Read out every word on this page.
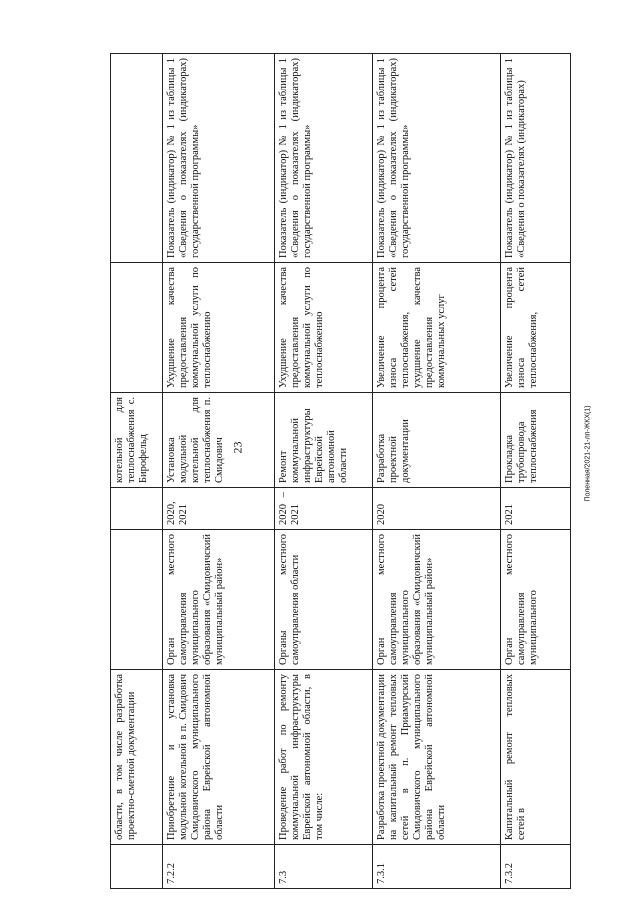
23	Поленная/2021-21-лп-ЖКХ(1)
	области, в том числе разработка проектно-сметной документации			котельной для теплоснабжения с. Бирофельд		
7.2.2	Приобретение и установка модульной котельной в п. Смидович Смидовичского муниципального района Еврейской автономной области	Орган местного самоуправления муниципального образования «Смидовичский муниципальный район»	2020, 2021	Установка модульной котельной для теплоснабжения п. Смидович	Ухудшение качества предоставления коммунальной услуги по теплоснабжению	Показатель (индикатор) № 1 из таблицы 1 «Сведения о показателях (индикаторах) государственной программы»
7.3	Проведение работ по ремонту коммунальной инфраструктуры Еврейской автономной области, в том числе:	Органы местного самоуправления области	2020 – 2021	Ремонт коммунальной инфраструктуры Еврейской автономной области	Ухудшение качества предоставления коммунальной услуги по теплоснабжению	Показатель (индикатор) № 1 из таблицы 1 «Сведения о показателях (индикаторах) государственной программы»
7.3.1	Разработка проектной документации на капитальный ремонт тепловых сетей в п. Приамурский Смидовичского муниципального района Еврейской автономной области	Орган местного самоуправления муниципального образования «Смидовичский муниципальный район»	2020	Разработка проектной документации	Увеличение процента износа сетей теплоснабжения, ухудшение качества предоставления коммунальных услуг	Показатель (индикатор) № 1 из таблицы 1 «Сведения о показателях (индикаторах) государственной программы»
7.3.2	Капитальный ремонт тепловых сетей в	Орган местного самоуправления муниципального	2021	Прокладка трубопровода теплоснабжения	Увеличение процента износа сетей теплоснабжения,	Показатель (индикатор) № 1 из таблицы 1 «Сведения о показателях (индикаторах)
